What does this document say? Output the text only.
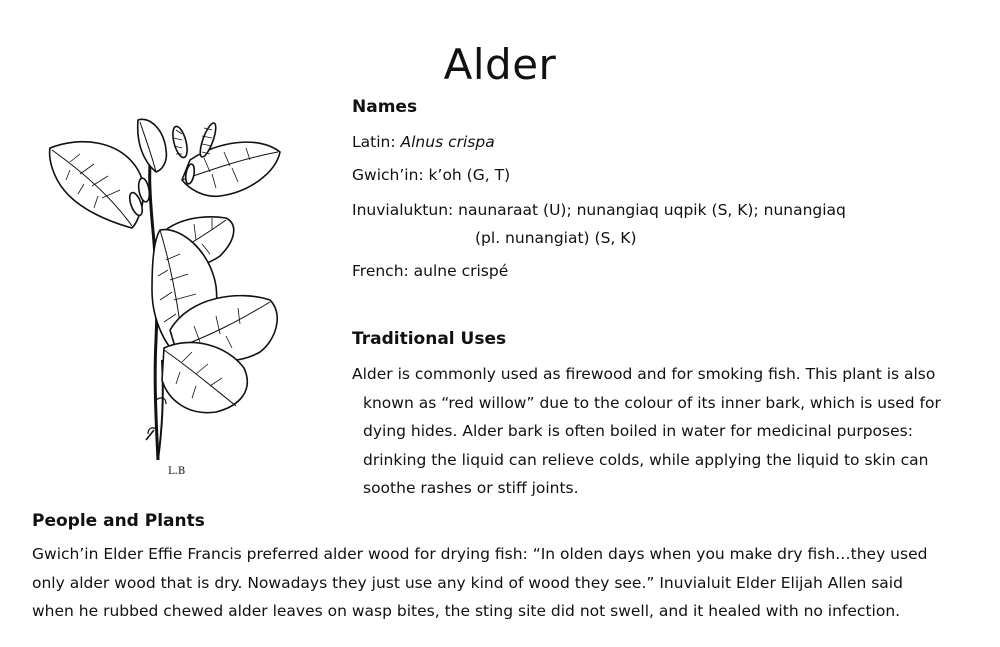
Alder
L.B
Names
Latin: Alnus crispa
Gwich’in: k’oh (G, T)
Inuvialuktun: naunaraat (U); nunangiaq uqpik (S, K); nunangiaq
(pl. nunangiat) (S, K)
French: aulne crispé
Traditional Uses
Alder is commonly used as firewood and for smoking fish. This plant is also
known as “red willow” due to the colour of its inner bark, which is used for
dying hides. Alder bark is often boiled in water for medicinal purposes:
drinking the liquid can relieve colds, while applying the liquid to skin can
soothe rashes or stiff joints.
People and Plants
Gwich’in Elder Effie Francis preferred alder wood for drying fish: “In olden days when you make dry fish…they used
only alder wood that is dry. Nowadays they just use any kind of wood they see.” Inuvialuit Elder Elijah Allen said
when he rubbed chewed alder leaves on wasp bites, the sting site did not swell, and it healed with no infection.
